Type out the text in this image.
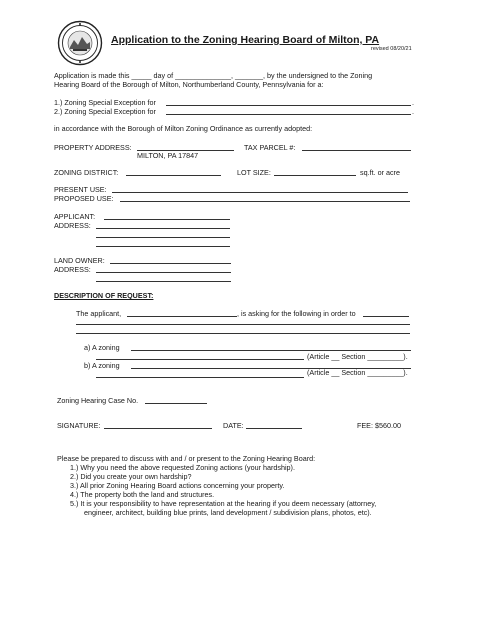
Application to the Zoning Hearing Board of Milton, PA
revised 08/20/21
Application is made this _____ day of ______________, _______, by the undersigned to the Zoning
Hearing Board of the Borough of Milton, Northumberland County, Pennsylvania for a:
1.) Zoning Special Exception for	.
2.) Zoning Special Exception for	.
in accordance with the Borough of Milton Zoning Ordinance as currently adopted:
PROPERTY ADDRESS:
MILTON, PA 17847
TAX PARCEL #:
ZONING DISTRICT:	LOT SIZE:	sq.ft. or acre
PRESENT USE:
PROPOSED USE:
APPLICANT:
ADDRESS:
LAND OWNER:
ADDRESS:
DESCRIPTION OF REQUEST:
The applicant,	, is asking for the following in order to
a) A zoning
(Article __ Section _________).
b) A zoning
(Article __ Section _________).
Zoning Hearing Case No.
SIGNATURE:	DATE:	FEE: $560.00
Please be prepared to discuss with and / or present to the Zoning Hearing Board:
1.) Why you need the above requested Zoning actions (your hardship).
2.) Did you create your own hardship?
3.) All prior Zoning Hearing Board actions concerning your property.
4.) The property both the land and structures.
5.) It is your responsibility to have representation at the hearing if you deem necessary (attorney,
engineer, architect, building blue prints, land development / subdivision plans, photos, etc).
